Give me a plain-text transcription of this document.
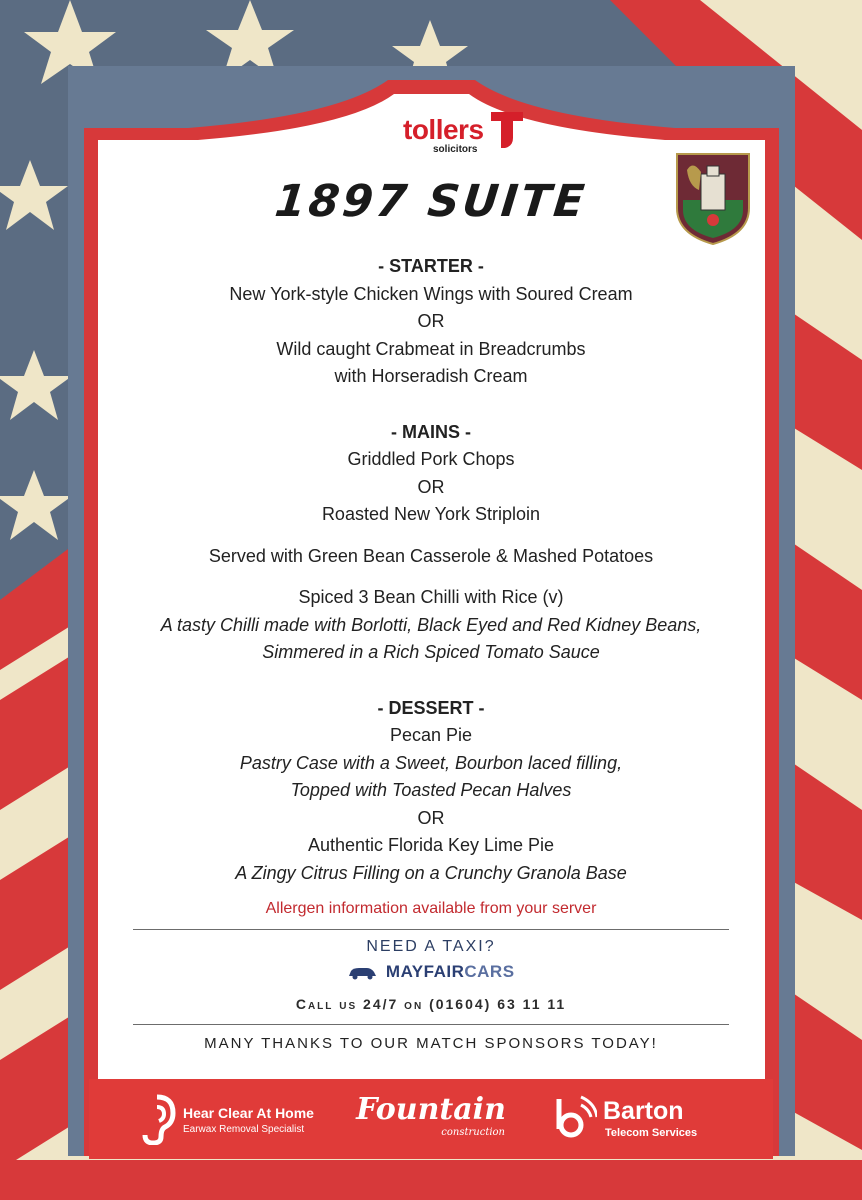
tollers
solicitors
1897 SUITE
- STARTER -
New York-style Chicken Wings with Soured Cream
OR
Wild caught Crabmeat in Breadcrumbs
with Horseradish Cream
- MAINS -
Griddled Pork Chops
OR
Roasted New York Striploin
Served with Green Bean Casserole & Mashed Potatoes
Spiced 3 Bean Chilli with Rice (v)
A tasty Chilli made with Borlotti, Black Eyed and Red Kidney Beans,
Simmered in a Rich Spiced Tomato Sauce
- DESSERT -
Pecan Pie
Pastry Case with a Sweet, Bourbon laced filling,
Topped with Toasted Pecan Halves
OR
Authentic Florida Key Lime Pie
A Zingy Citrus Filling on a Crunchy Granola Base
Allergen information available from your server
NEED A TAXI?
MAYFAIRCARS
Call us 24/7 on (01604) 63 11 11
MANY THANKS TO OUR MATCH SPONSORS TODAY!
Hear Clear At Home
Earwax Removal Specialist
Fountain
construction
Barton
Telecom Services
